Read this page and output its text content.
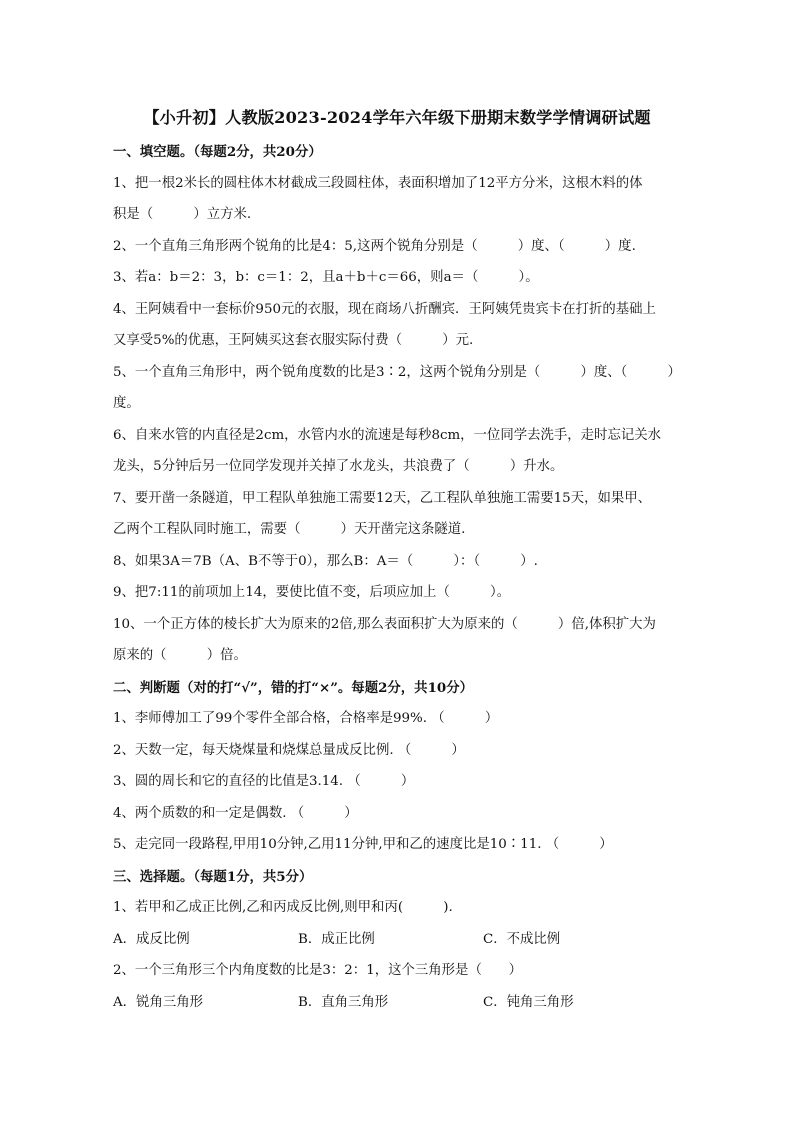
【小升初】人教版2023-2024学年六年级下册期末数学学情调研试题
一、填空题。（每题2分，共20分）
1、把一根2米长的圆柱体木材截成三段圆柱体，表面积增加了12平方分米，这根木料的体
积是（　　　）立方米.
2、一个直角三角形两个锐角的比是4：5,这两个锐角分别是（　　　）度、（　　　）度.
3、若a：b＝2：3，b：c＝1：2，且a＋b＋c＝66，则a＝（　　　）。
4、王阿姨看中一套标价950元的衣服，现在商场八折酬宾．王阿姨凭贵宾卡在打折的基础上
又享受5%的优惠，王阿姨买这套衣服实际付费（　　　）元.
5、一个直角三角形中，两个锐角度数的比是3∶2，这两个锐角分别是（　　　）度、（　　　）
度。
6、自来水管的内直径是2cm，水管内水的流速是每秒8cm，一位同学去洗手，走时忘记关水
龙头，5分钟后另一位同学发现并关掉了水龙头，共浪费了（　　　）升水。
7、要开凿一条隧道，甲工程队单独施工需要12天，乙工程队单独施工需要15天，如果甲、
乙两个工程队同时施工，需要（　　　）天开凿完这条隧道.
8、如果3A＝7B（A、B不等于0），那么B：A＝（　　　）：（　　　）.
9、把7:11的前项加上14，要使比值不变，后项应加上（　　　）。
10、一个正方体的棱长扩大为原来的2倍,那么表面积扩大为原来的（　　　）倍,体积扩大为
原来的（　　　）倍。
二、判断题（对的打“√”，错的打“×”。每题2分，共10分）
1、李师傅加工了99个零件全部合格，合格率是99%. （　　　）
2、天数一定，每天烧煤量和烧煤总量成反比例. （　　　）
3、圆的周长和它的直径的比值是3.14. （　　　）
4、两个质数的和一定是偶数. （　　　）
5、走完同一段路程,甲用10分钟,乙用11分钟,甲和乙的速度比是10∶11. （　　　）
三、选择题。（每题1分，共5分）
1、若甲和乙成正比例,乙和丙成反比例,则甲和丙(　　　).
A．成反比例	B．成正比例	C．不成比例
2、一个三角形三个内角度数的比是3：2：1，这个三角形是（　　）
A．锐角三角形	B．直角三角形	C．钝角三角形
